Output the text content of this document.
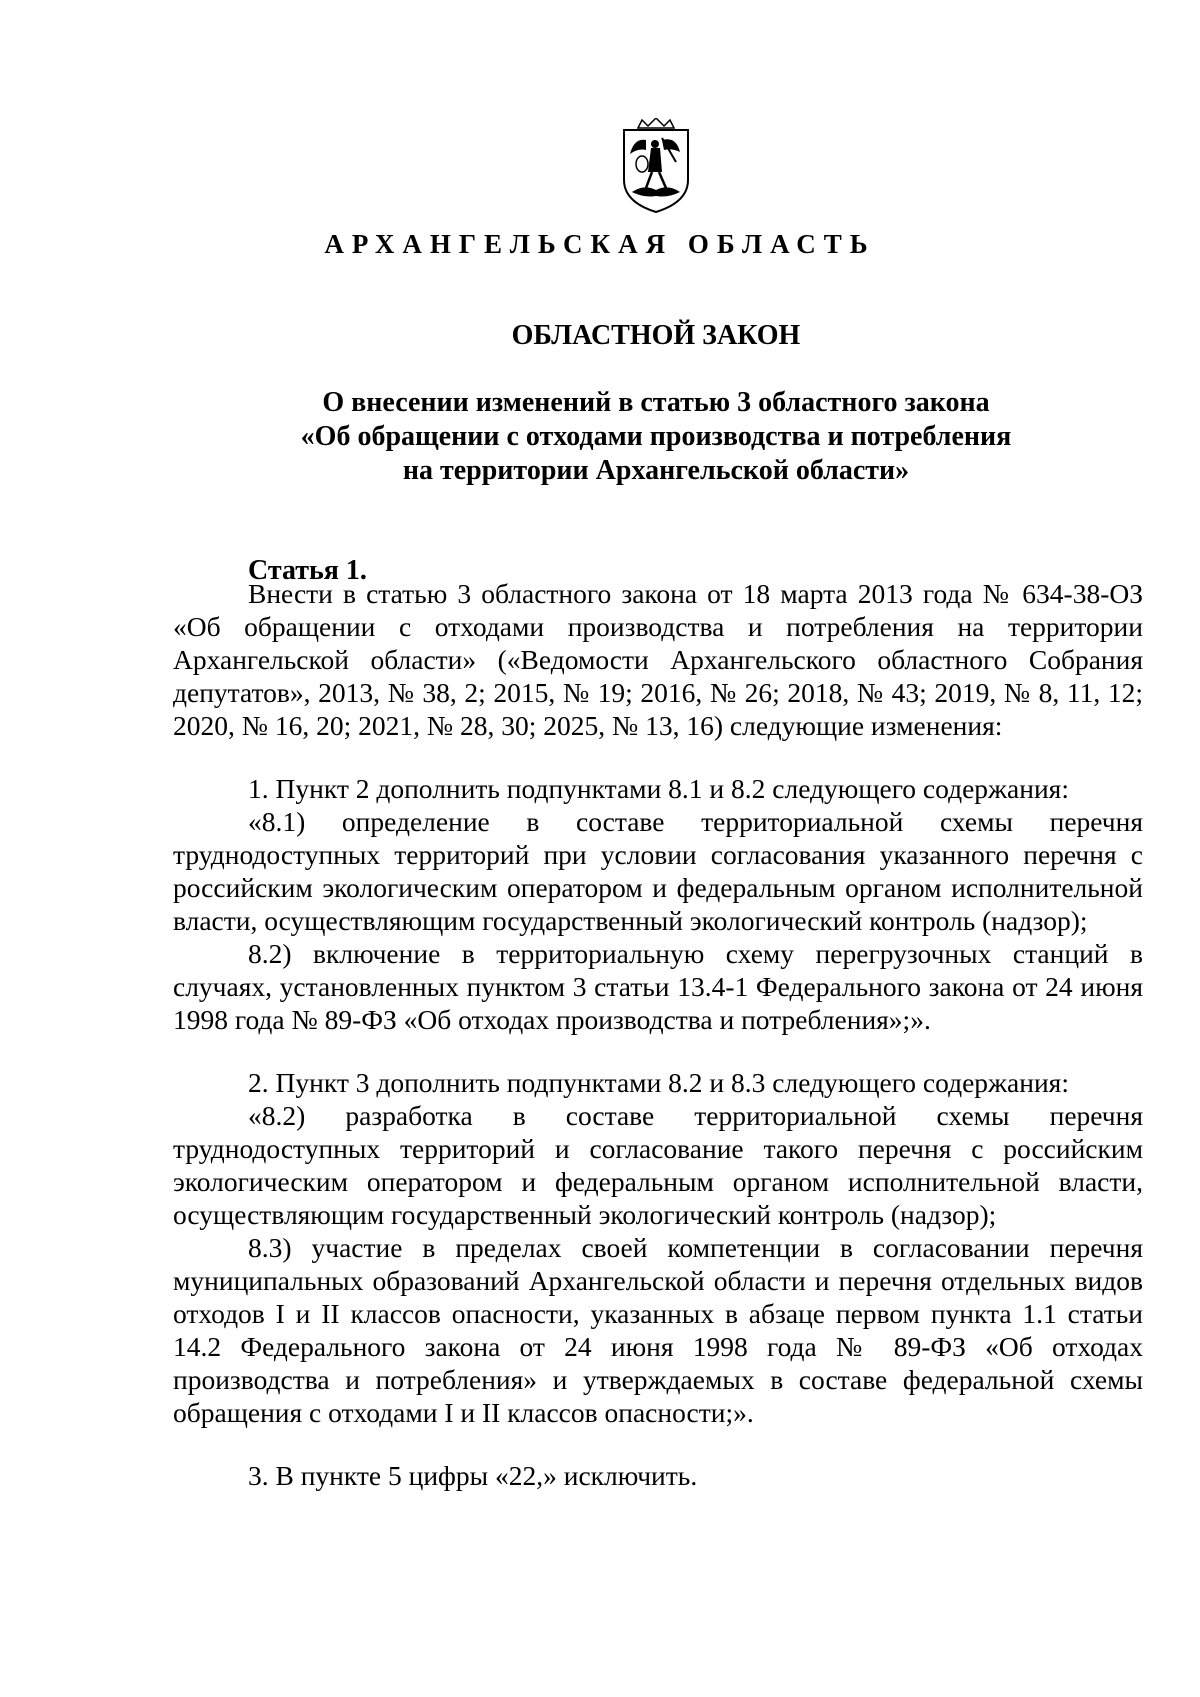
АРХАНГЕЛЬСКАЯ ОБЛАСТЬ
ОБЛАСТНОЙ ЗАКОН
О внесении изменений в статью 3 областного закона
«Об обращении с отходами производства и потребления
на территории Архангельской области»
Статья 1.

Внести в статью 3 областного закона от 18 марта 2013 года № 634-38-ОЗ «Об обращении с отходами производства и потребления на территории Архангельской области» («Ведомости Архангельского областного Собрания депутатов», 2013, № 38, 2; 2015, № 19; 2016, № 26; 2018, № 43; 2019, № 8, 11, 12; 2020, № 16, 20; 2021, № 28, 30; 2025, № 13, 16) следующие изменения:

1. Пункт 2 дополнить подпунктами 8.1 и 8.2 следующего содержания:

«8.1) определение в составе территориальной схемы перечня труднодоступных территорий при условии согласования указанного перечня с российским экологическим оператором и федеральным органом исполнительной власти, осуществляющим государственный экологический контроль (надзор);

8.2) включение в территориальную схему перегрузочных станций в случаях, установленных пунктом 3 статьи 13.4-1 Федерального закона от 24 июня 1998 года № 89-ФЗ «Об отходах производства и потребления»;».

2. Пункт 3 дополнить подпунктами 8.2 и 8.3 следующего содержания:

«8.2) разработка в составе территориальной схемы перечня труднодоступных территорий и согласование такого перечня с российским экологическим оператором и федеральным органом исполнительной власти, осуществляющим государственный экологический контроль (надзор);

8.3) участие в пределах своей компетенции в согласовании перечня муниципальных образований Архангельской области и перечня отдельных видов отходов I и II классов опасности, указанных в абзаце первом пункта 1.1 статьи 14.2 Федерального закона от 24 июня 1998 года № 89-ФЗ «Об отходах производства и потребления» и утверждаемых в составе федеральной схемы обращения с отходами I и II классов опасности;».

3. В пункте 5 цифры «22,» исключить.
